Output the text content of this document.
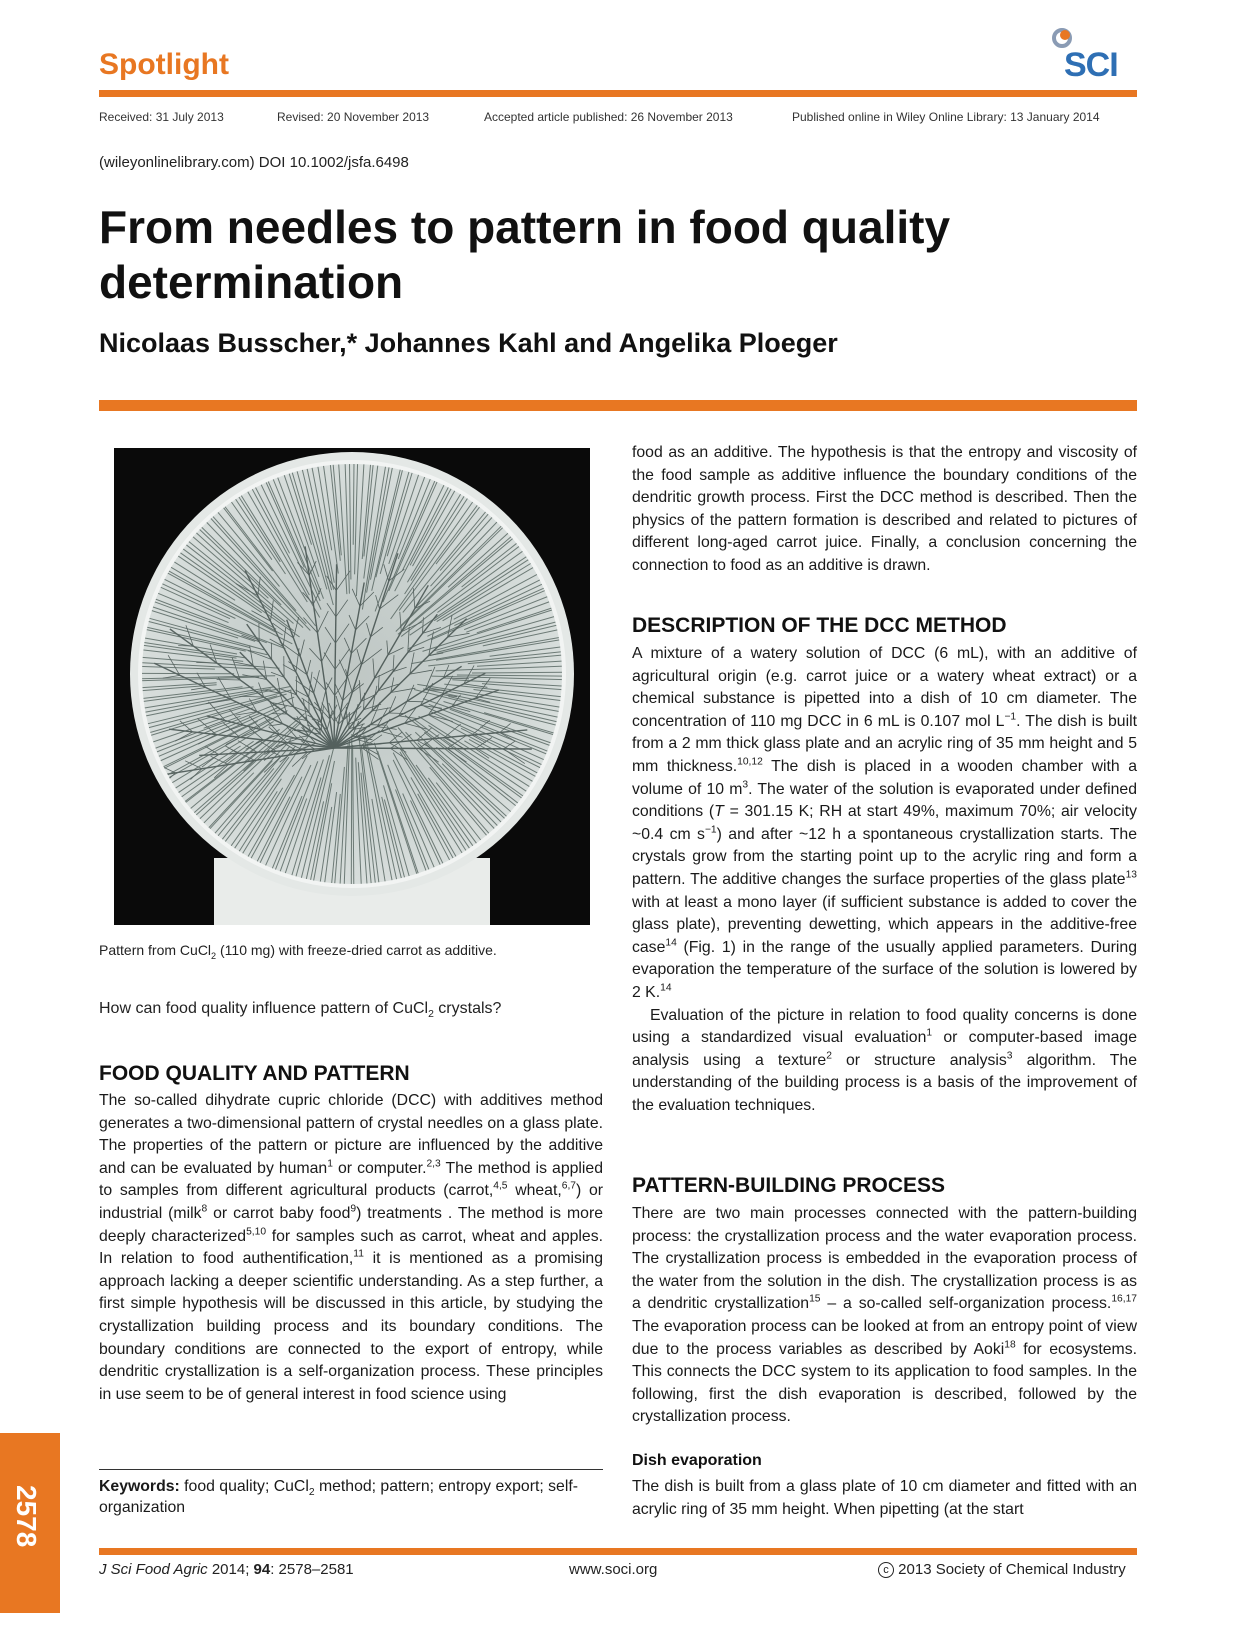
Spotlight	SCI
Received: 31 July 2013	Revised: 20 November 2013	Accepted article published: 26 November 2013	Published online in Wiley Online Library: 13 January 2014
(wileyonlinelibrary.com) DOI 10.1002/jsfa.6498
From needles to pattern in food quality determination
Nicolaas Busscher,* Johannes Kahl and Angelika Ploeger
Pattern from CuCl$_2$ (110 mg) with freeze-dried carrot as additive.
How can food quality influence pattern of CuCl$_2$ crystals?
FOOD QUALITY AND PATTERN

The so-called dihydrate cupric chloride (DCC) with additives method generates a two-dimensional pattern of crystal needles on a glass plate. The properties of the pattern or picture are influenced by the additive and can be evaluated by human$^1$ or computer.$^{2,3}$ The method is applied to samples from different agricultural products (carrot,$^{4,5}$ wheat,$^{6,7}$) or industrial (milk$^8$ or carrot baby food$^9$) treatments . The method is more deeply characterized$^{5,10}$ for samples such as carrot, wheat and apples. In relation to food authentification,$^{11}$ it is mentioned as a promising approach lacking a deeper scientific understanding. As a step further, a first simple hypothesis will be discussed in this article, by studying the crystallization building process and its boundary conditions. The boundary conditions are connected to the export of entropy, while dendritic crystallization is a self-organization process. These principles in use seem to be of general interest in food science using

Keywords: food quality; CuCl$_2$ method; pattern; entropy export; self-organization

food as an additive. The hypothesis is that the entropy and viscosity of the food sample as additive influence the boundary conditions of the dendritic growth process. First the DCC method is described. Then the physics of the pattern formation is described and related to pictures of different long-aged carrot juice. Finally, a conclusion concerning the connection to food as an additive is drawn.

DESCRIPTION OF THE DCC METHOD

A mixture of a watery solution of DCC (6 mL), with an additive of agricultural origin (e.g. carrot juice or a watery wheat extract) or a chemical substance is pipetted into a dish of 10 cm diameter. The concentration of 110 mg DCC in 6 mL is 0.107 mol $L^{-1}$. The dish is built from a 2 mm thick glass plate and an acrylic ring of 35 mm height and 5 mm thickness.$^{10,12}$ The dish is placed in a wooden chamber with a volume of 10 $m^3$. The water of the solution is evaporated under defined conditions (T = 301.15 K; RH at start 49%, maximum 70%; air velocity ~0.4 cm $s^{-1}$) and after ~12 h a spontaneous crystallization starts. The crystals grow from the starting point up to the acrylic ring and form a pattern. The additive changes the surface properties of the glass plate$^{13}$ with at least a mono layer (if sufficient substance is added to cover the glass plate), preventing dewetting, which appears in the additive-free case$^{14}$ (Fig. 1) in the range of the usually applied parameters. During evaporation the temperature of the surface of the solution is lowered by 2 K.$^{14}$

Evaluation of the picture in relation to food quality concerns is done using a standardized visual evaluation$^1$ or computer-based image analysis using a texture$^2$ or structure analysis$^3$ algorithm. The understanding of the building process is a basis of the improvement of the evaluation techniques.

PATTERN-BUILDING PROCESS

There are two main processes connected with the pattern-building process: the crystallization process and the water evaporation process. The crystallization process is embedded in the evaporation process of the water from the solution in the dish. The crystallization process is as a dendritic crystallization$^{15}$ – a so-called self-organization process.$^{16,17}$ The evaporation process can be looked at from an entropy point of view due to the process variables as described by Aoki$^{18}$ for ecosystems. This connects the DCC system to its application to food samples. In the following, first the dish evaporation is described, followed by the crystallization process.

Dish evaporation

The dish is built from a glass plate of 10 cm diameter and fitted with an acrylic ring of 35 mm height. When pipetting (at the start

J Sci Food Agric 2014; 94: 2578–2581	www.soci.org	c 2013 Society of Chemical Industry
2578
